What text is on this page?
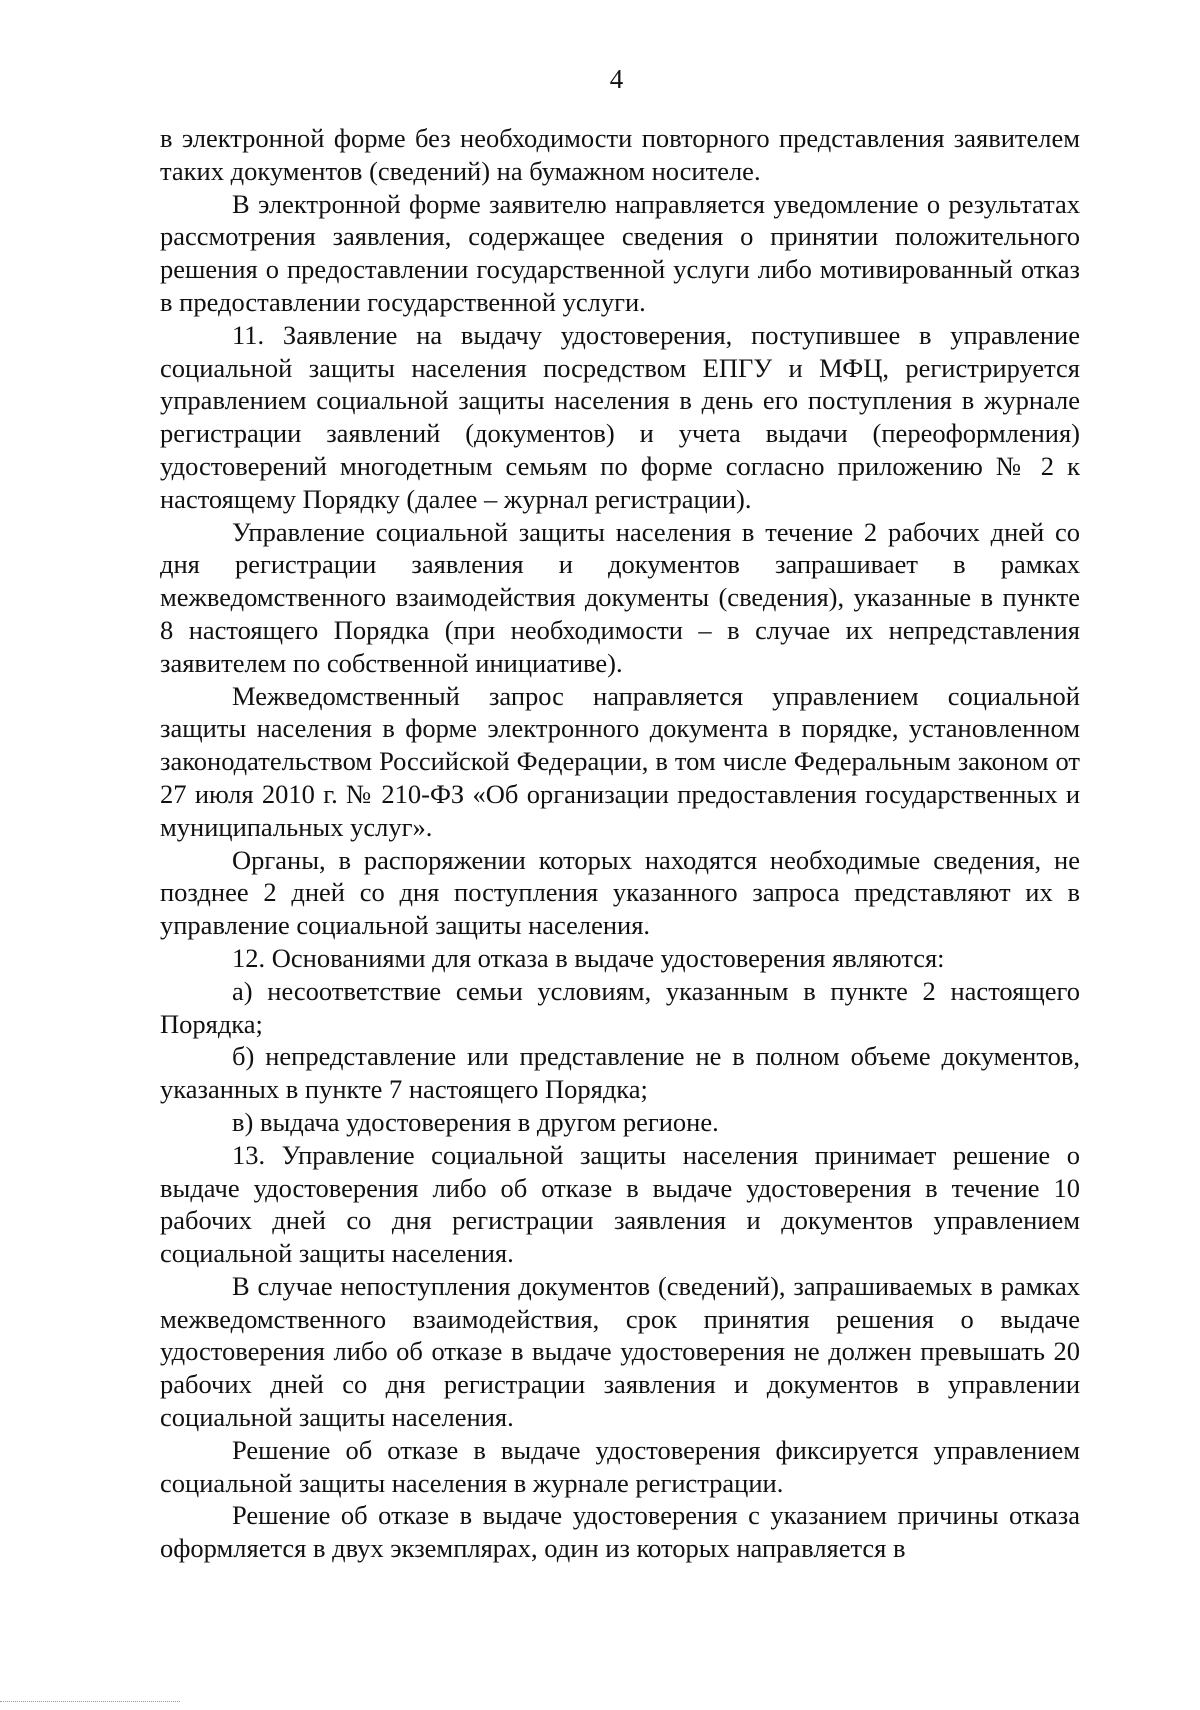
4

в электронной форме без необходимости повторного представления заявителем таких документов (сведений) на бумажном носителе.

В электронной форме заявителю направляется уведомление о результатах рассмотрения заявления, содержащее сведения о принятии положительного решения о предоставлении государственной услуги либо мотивированный отказ в предоставлении государственной услуги.

11. Заявление на выдачу удостоверения, поступившее в управление социальной защиты населения посредством ЕПГУ и МФЦ, регистрируется управлением социальной защиты населения в день его поступления в журнале регистрации заявлений (документов) и учета выдачи (переоформления) удостоверений многодетным семьям по форме согласно приложению № 2 к настоящему Порядку (далее – журнал регистрации).

Управление социальной защиты населения в течение 2 рабочих дней со дня регистрации заявления и документов запрашивает в рамках межведомственного взаимодействия документы (сведения), указанные в пункте 8 настоящего Порядка (при необходимости – в случае их непредставления заявителем по собственной инициативе).

Межведомственный запрос направляется управлением социальной защиты населения в форме электронного документа в порядке, установленном законодательством Российской Федерации, в том числе Федеральным законом от 27 июля 2010 г. № 210-ФЗ «Об организации предоставления государственных и муниципальных услуг».

Органы, в распоряжении которых находятся необходимые сведения, не позднее 2 дней со дня поступления указанного запроса представляют их в управление социальной защиты населения.

12. Основаниями для отказа в выдаче удостоверения являются:

а) несоответствие семьи условиям, указанным в пункте 2 настоящего Порядка;

б) непредставление или представление не в полном объеме документов, указанных в пункте 7 настоящего Порядка;

в) выдача удостоверения в другом регионе.

13. Управление социальной защиты населения принимает решение о выдаче удостоверения либо об отказе в выдаче удостоверения в течение 10 рабочих дней со дня регистрации заявления и документов управлением социальной защиты населения.

В случае непоступления документов (сведений), запрашиваемых в рамках межведомственного взаимодействия, срок принятия решения о выдаче удостоверения либо об отказе в выдаче удостоверения не должен превышать 20 рабочих дней со дня регистрации заявления и документов в управлении социальной защиты населения.

Решение об отказе в выдаче удостоверения фиксируется управлением социальной защиты населения в журнале регистрации.

Решение об отказе в выдаче удостоверения с указанием причины отказа оформляется в двух экземплярах, один из которых направляется в
